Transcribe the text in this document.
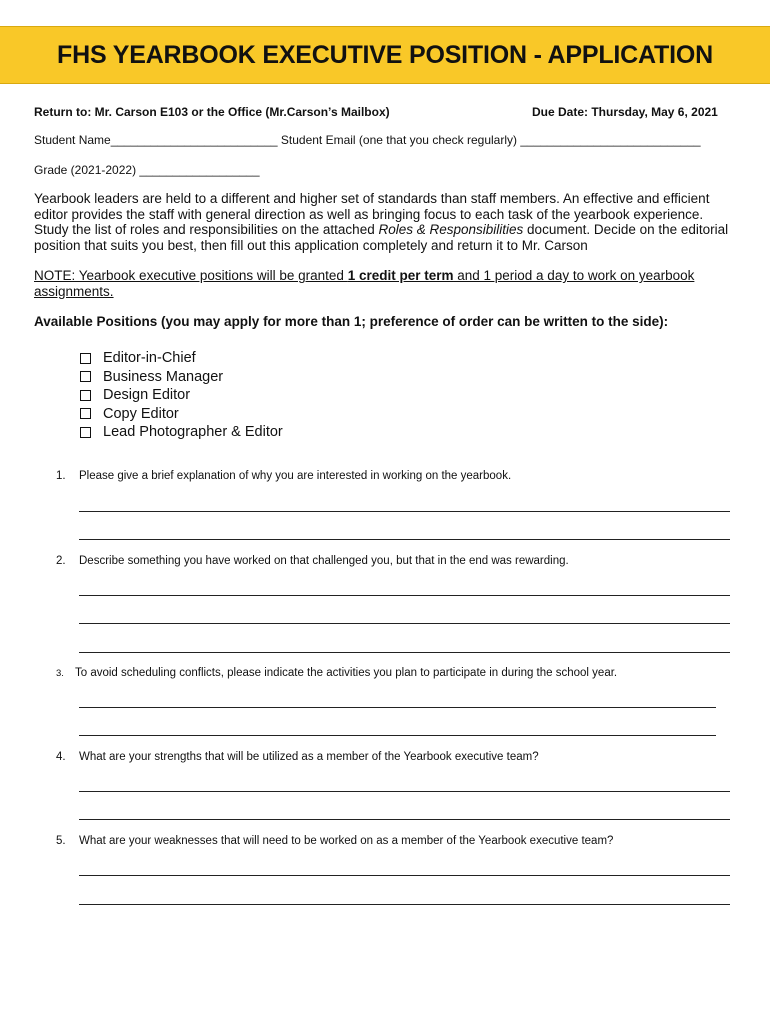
FHS YEARBOOK EXECUTIVE POSITION - APPLICATION
Return to: Mr. Carson E103 or the Office (Mr.Carson’s Mailbox)	Due Date: Thursday, May 6, 2021
Student Name_________________________ Student Email (one that you check regularly) ___________________________
Grade (2021-2022) __________________
Yearbook leaders are held to a different and higher set of standards than staff members. An effective and efficient editor provides the staff with general direction as well as bringing focus to each task of the yearbook experience. Study the list of roles and responsibilities on the attached Roles & Responsibilities document. Decide on the editorial position that suits you best, then fill out this application completely and return it to Mr. Carson
NOTE: Yearbook executive positions will be granted 1 credit per term and 1 period a day to work on yearbook assignments.
Available Positions (you may apply for more than 1; preference of order can be written to the side):
Editor-in-Chief
Business Manager
Design Editor
Copy Editor
Lead Photographer & Editor
1. Please give a brief explanation of why you are interested in working on the yearbook.
2. Describe something you have worked on that challenged you, but that in the end was rewarding.
3. To avoid scheduling conflicts, please indicate the activities you plan to participate in during the school year.
4. What are your strengths that will be utilized as a member of the Yearbook executive team?
5. What are your weaknesses that will need to be worked on as a member of the Yearbook executive team?
